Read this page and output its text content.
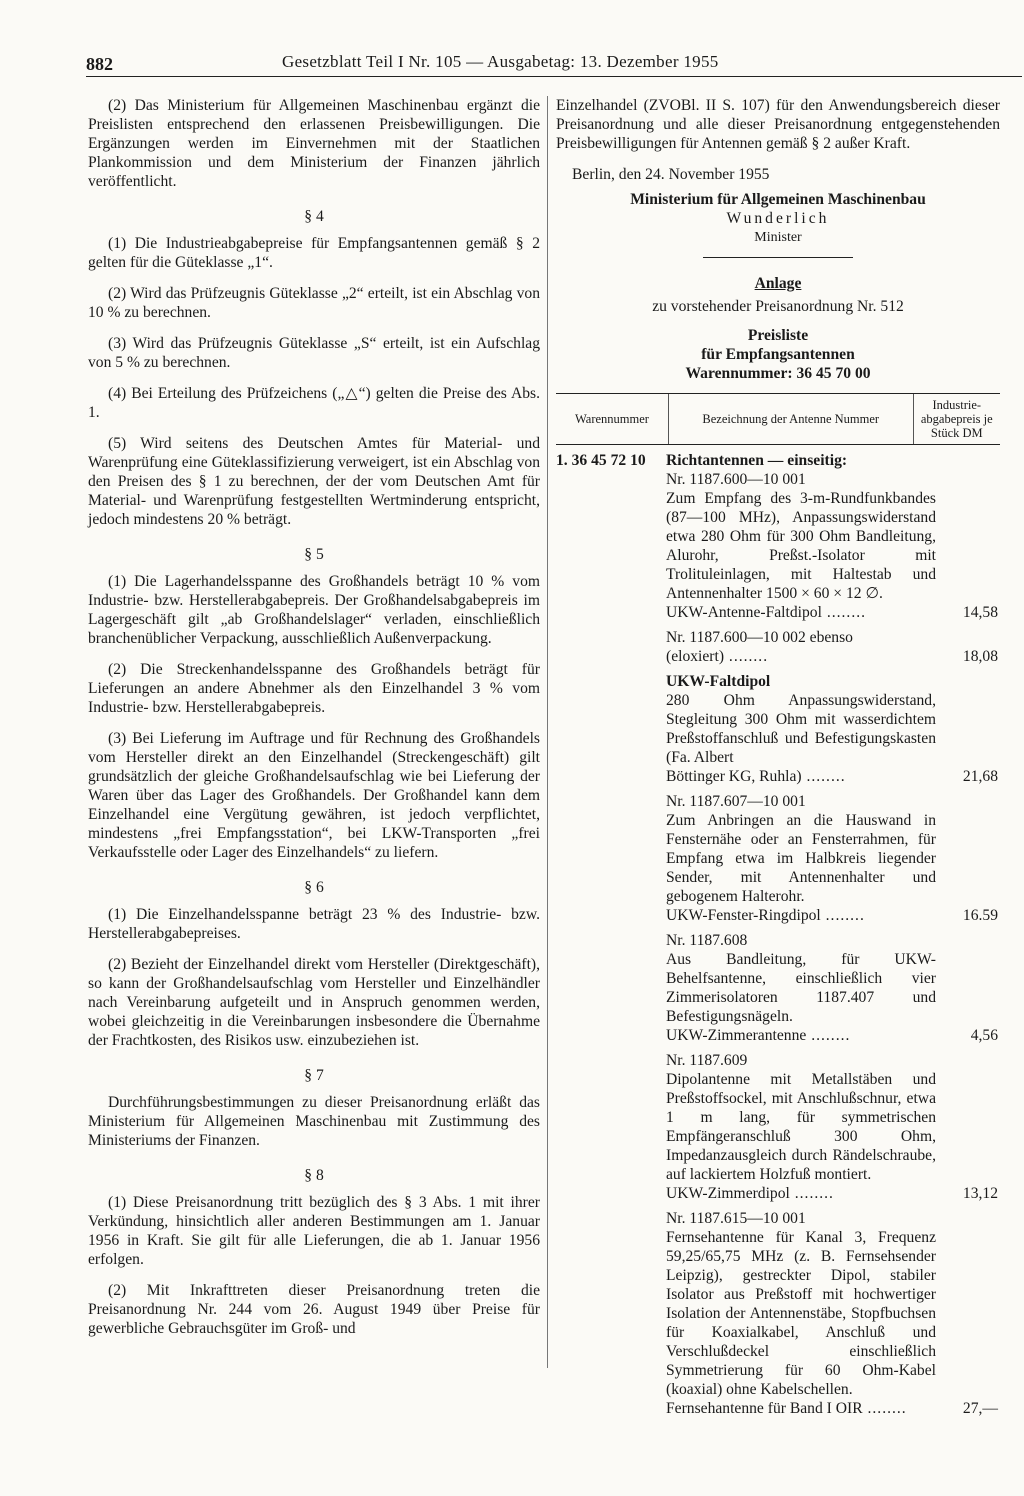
882	Gesetzblatt Teil I Nr. 105 — Ausgabetag: 13. Dezember 1955

(2) Das Ministerium für Allgemeinen Maschinenbau ergänzt die Preislisten entsprechend den erlassenen Preisbewilligungen. Die Ergänzungen werden im Einvernehmen mit der Staatlichen Plankommission und dem Ministerium der Finanzen jährlich veröffentlicht.

§ 4

(1) Die Industrieabgabepreise für Empfangsantennen gemäß § 2 gelten für die Güteklasse „1“.

(2) Wird das Prüfzeugnis Güteklasse „2“ erteilt, ist ein Abschlag von 10 % zu berechnen.

(3) Wird das Prüfzeugnis Güteklasse „S“ erteilt, ist ein Aufschlag von 5 % zu berechnen.

(4) Bei Erteilung des Prüfzeichens („△“) gelten die Preise des Abs. 1.

(5) Wird seitens des Deutschen Amtes für Material- und Warenprüfung eine Güteklassifizierung verweigert, ist ein Abschlag von den Preisen des § 1 zu berechnen, der der vom Deutschen Amt für Material- und Warenprüfung festgestellten Wertminderung entspricht, jedoch mindestens 20 % beträgt.

§ 5

(1) Die Lagerhandelsspanne des Großhandels beträgt 10 % vom Industrie- bzw. Herstellerabgabepreis. Der Großhandelsabgabepreis im Lagergeschäft gilt „ab Großhandelslager“ verladen, einschließlich branchenüblicher Verpackung, ausschließlich Außenverpackung.

(2) Die Streckenhandelsspanne des Großhandels beträgt für Lieferungen an andere Abnehmer als den Einzelhandel 3 % vom Industrie- bzw. Herstellerabgabepreis.

(3) Bei Lieferung im Auftrage und für Rechnung des Großhandels vom Hersteller direkt an den Einzelhandel (Streckengeschäft) gilt grundsätzlich der gleiche Großhandelsaufschlag wie bei Lieferung der Waren über das Lager des Großhandels. Der Großhandel kann dem Einzelhandel eine Vergütung gewähren, ist jedoch verpflichtet, mindestens „frei Empfangsstation“, bei LKW-Transporten „frei Verkaufsstelle oder Lager des Einzelhandels“ zu liefern.

§ 6

(1) Die Einzelhandelsspanne beträgt 23 % des Industrie- bzw. Herstellerabgabepreises.

(2) Bezieht der Einzelhandel direkt vom Hersteller (Direktgeschäft), so kann der Großhandelsaufschlag vom Hersteller und Einzelhändler nach Vereinbarung aufgeteilt und in Anspruch genommen werden, wobei gleichzeitig in die Vereinbarungen insbesondere die Übernahme der Frachtkosten, des Risikos usw. einzubeziehen ist.

§ 7

Durchführungsbestimmungen zu dieser Preisanordnung erläßt das Ministerium für Allgemeinen Maschinenbau mit Zustimmung des Ministeriums der Finanzen.

§ 8

(1) Diese Preisanordnung tritt bezüglich des § 3 Abs. 1 mit ihrer Verkündung, hinsichtlich aller anderen Bestimmungen am 1. Januar 1956 in Kraft. Sie gilt für alle Lieferungen, die ab 1. Januar 1956 erfolgen.

(2) Mit Inkrafttreten dieser Preisanordnung treten die Preisanordnung Nr. 244 vom 26. August 1949 über Preise für gewerbliche Gebrauchsgüter im Groß- und

Einzelhandel (ZVOBl. II S. 107) für den Anwendungsbereich dieser Preisanordnung und alle dieser Preisanordnung entgegenstehenden Preisbewilligungen für Antennen gemäß § 2 außer Kraft.

Berlin, den 24. November 1955

Ministerium für Allgemeinen Maschinenbau
Wunderlich
Minister
Anlage
zu vorstehender Preisanordnung Nr. 512
Preisliste
für Empfangsantennen
Warennummer: 36 45 70 00
Warennummer	Bezeichnung der Antenne Nummer
Industrie-abgabepreis je Stück DM
1. 36 45 72 10 Richtantennen — einseitig:
Nr. 1187.600—10 001
Zum Empfang des 3-m-Rundfunkbandes (87—100 MHz), Anpassungswiderstand etwa 280 Ohm für 300 Ohm Bandleitung, Alurohr, Preßst.-Isolator mit Trolituleinlagen, mit Haltestab und Antennenhalter 1500 × 60 × 12 ∅.
UKW-Antenne-Faltdipol ........	14,58
Nr. 1187.600—10 002 ebenso
(eloxiert) ........	18,08
UKW-Faltdipol
280 Ohm Anpassungswiderstand, Stegleitung 300 Ohm mit wasserdichtem Preßstoffanschluß und Befestigungskasten (Fa. Albert
Böttinger KG, Ruhla) ........	21,68
Nr. 1187.607—10 001
Zum Anbringen an die Hauswand in Fensternähe oder an Fensterrahmen, für Empfang etwa im Halbkreis liegender Sender, mit Antennenhalter und gebogenem Halterohr.
UKW-Fenster-Ringdipol ........	16.59
Nr. 1187.608
Aus Bandleitung, für UKW-Behelfsantenne, einschließlich vier Zimmerisolatoren 1187.407 und Befestigungsnägeln.
UKW-Zimmerantenne ........	4,56
Nr. 1187.609
Dipolantenne mit Metallstäben und Preßstoffsockel, mit Anschlußschnur, etwa 1 m lang, für symmetrischen Empfängeranschluß 300 Ohm, Impedanzausgleich durch Rändelschraube, auf lackiertem Holzfuß montiert.
UKW-Zimmerdipol ........	13,12
Nr. 1187.615—10 001
Fernsehantenne für Kanal 3, Frequenz 59,25/65,75 MHz (z. B. Fernsehsender Leipzig), gestreckter Dipol, stabiler Isolator aus Preßstoff mit hochwertiger Isolation der Antennenstäbe, Stopfbuchsen für Koaxialkabel, Anschluß und Verschlußdeckel einschließlich Symmetrierung für 60 Ohm-Kabel (koaxial) ohne Kabelschellen.
Fernsehantenne für Band I OIR ........	27,—
